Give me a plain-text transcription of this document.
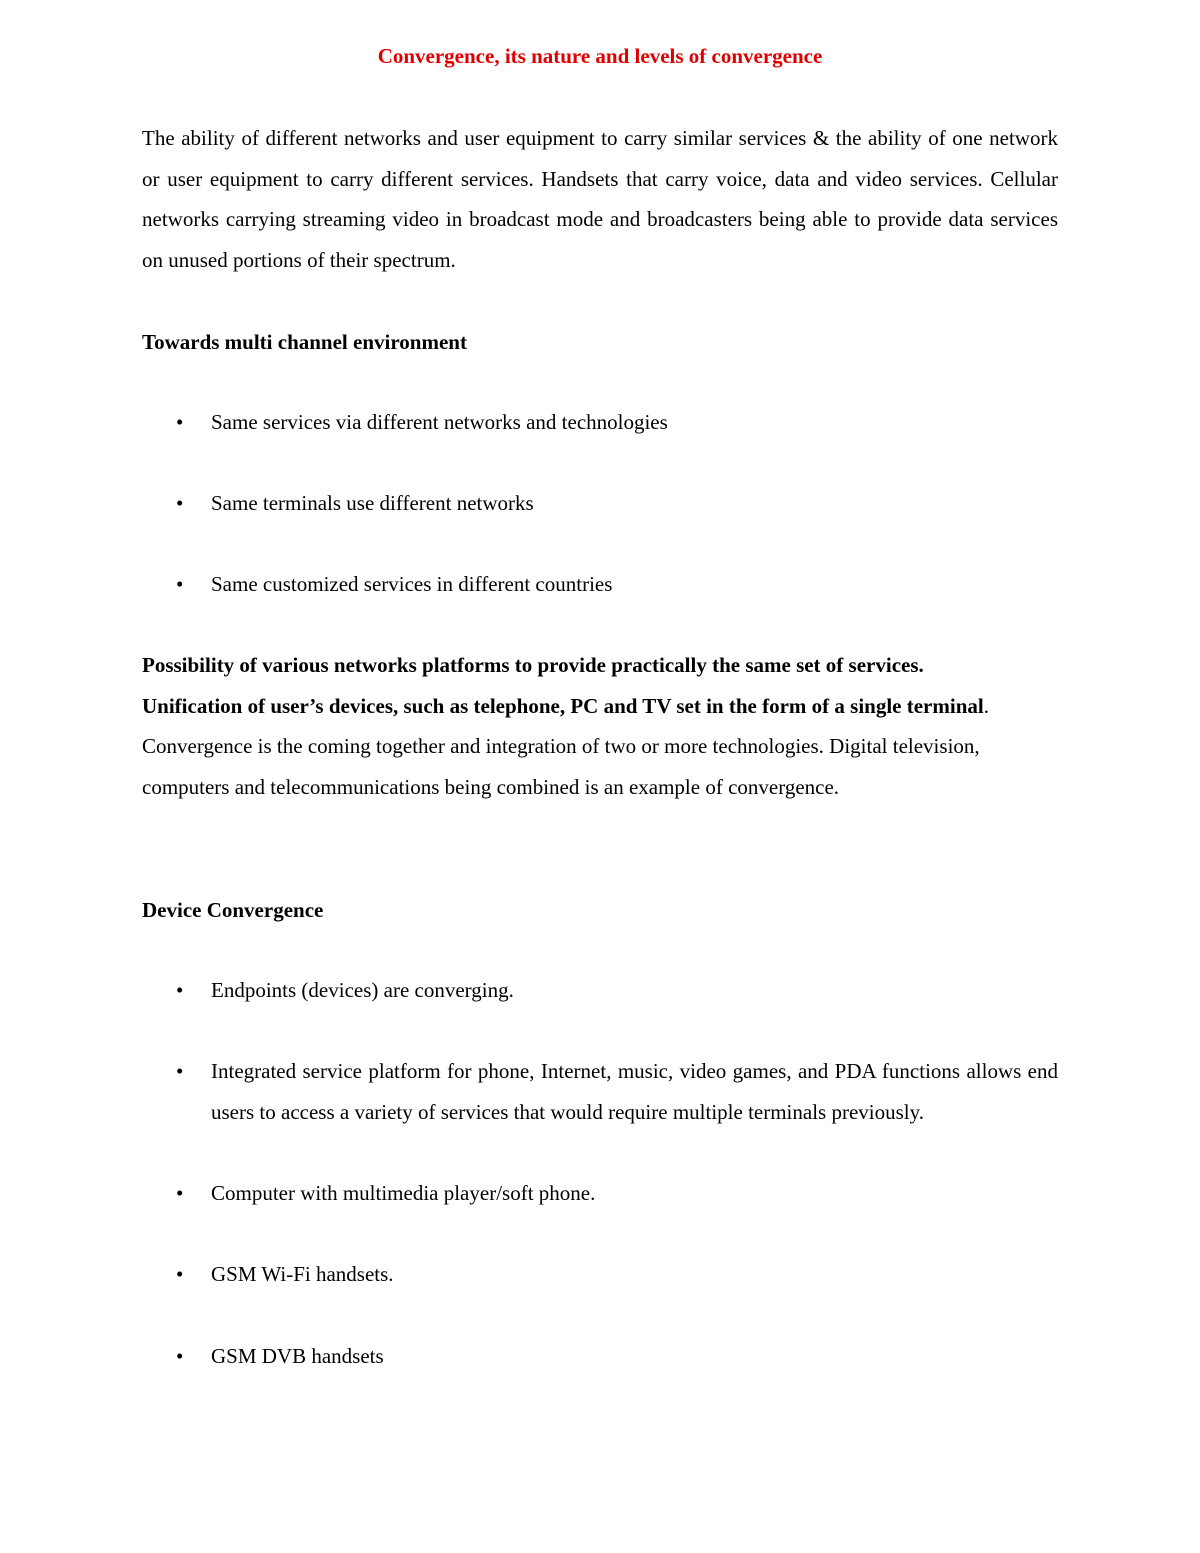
Convergence, its nature and levels of convergence

The ability of different networks and user equipment to carry similar services & the ability of one network or user equipment to carry different services. Handsets that carry voice, data and video services. Cellular networks carrying streaming video in broadcast mode and broadcasters being able to provide data services on unused portions of their spectrum.

Towards multi channel environment
• Same services via different networks and technologies

• Same terminals use different networks

• Same customized services in different countries

Possibility of various networks platforms to provide practically the same set of services. Unification of user’s devices, such as telephone, PC and TV set in the form of a single terminal. Convergence is the coming together and integration of two or more technologies. Digital television, computers and telecommunications being combined is an example of convergence.

Device Convergence
• Endpoints (devices) are converging.

• Integrated service platform for phone, Internet, music, video games, and PDA functions allows end users to access a variety of services that would require multiple terminals previously.

• Computer with multimedia player/soft phone.

• GSM Wi-Fi handsets.

• GSM DVB handsets
